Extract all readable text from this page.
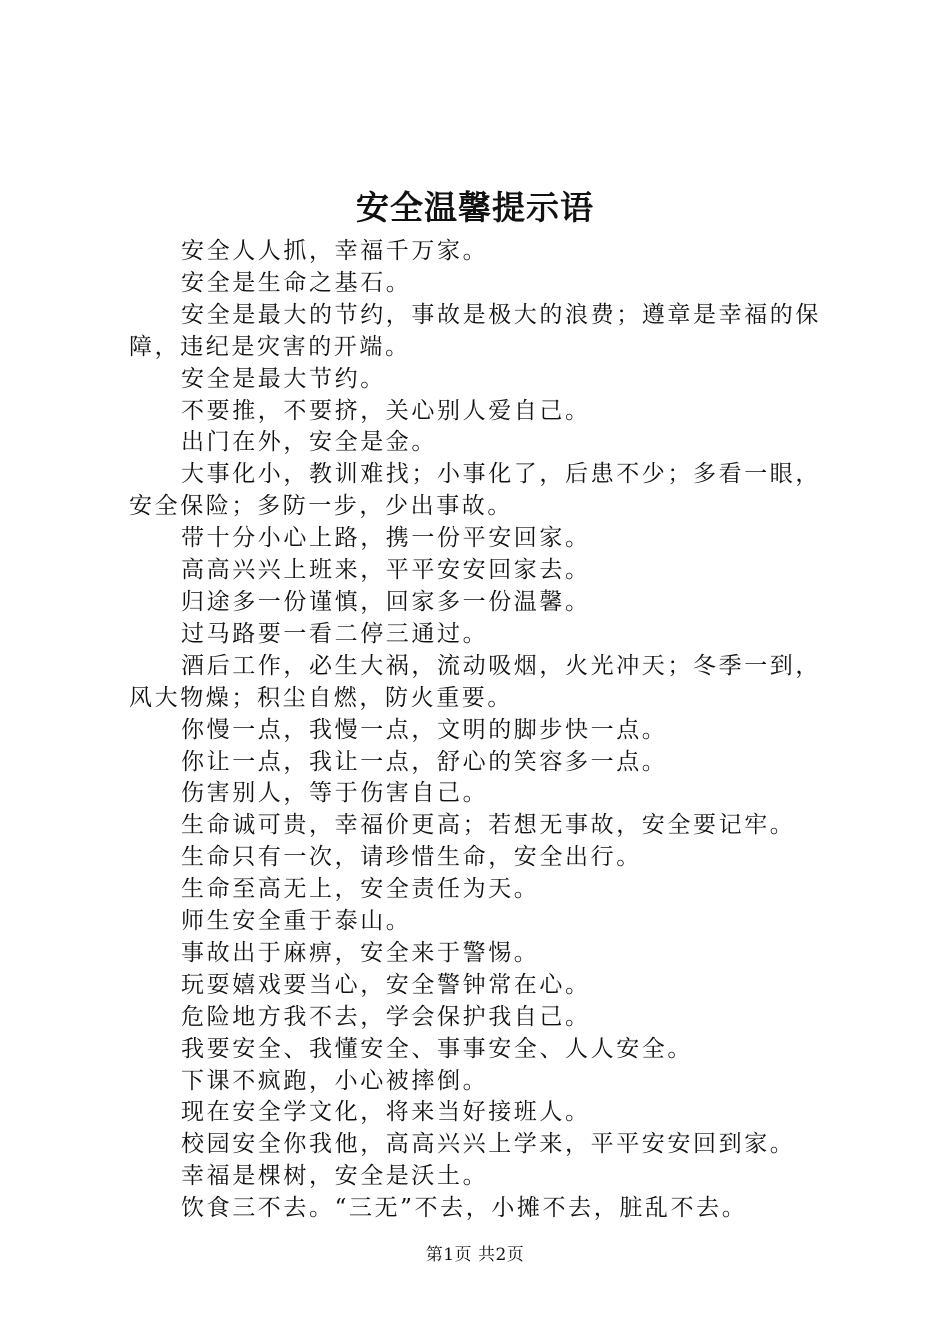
安全温馨提示语

安全人人抓，幸福千万家。

安全是生命之基石。

安全是最大的节约，事故是极大的浪费；遵章是幸福的保障，违纪是灾害的开端。

安全是最大节约。

不要推，不要挤，关心别人爱自己。

出门在外，安全是金。

大事化小，教训难找；小事化了，后患不少；多看一眼，安全保险；多防一步，少出事故。

带十分小心上路，携一份平安回家。

高高兴兴上班来，平平安安回家去。

归途多一份谨慎，回家多一份温馨。

过马路要一看二停三通过。

酒后工作，必生大祸，流动吸烟，火光冲天；冬季一到，风大物燥；积尘自燃，防火重要。

你慢一点，我慢一点，文明的脚步快一点。

你让一点，我让一点，舒心的笑容多一点。

伤害别人，等于伤害自己。

生命诚可贵，幸福价更高；若想无事故，安全要记牢。

生命只有一次，请珍惜生命，安全出行。

生命至高无上，安全责任为天。

师生安全重于泰山。

事故出于麻痹，安全来于警惕。

玩耍嬉戏要当心，安全警钟常在心。

危险地方我不去，学会保护我自己。

我要安全、我懂安全、事事安全、人人安全。

下课不疯跑，小心被摔倒。

现在安全学文化，将来当好接班人。

校园安全你我他，高高兴兴上学来，平平安安回到家。

幸福是棵树，安全是沃土。

饮食三不去。“三无”不去，小摊不去，脏乱不去。

第1页 共2页
